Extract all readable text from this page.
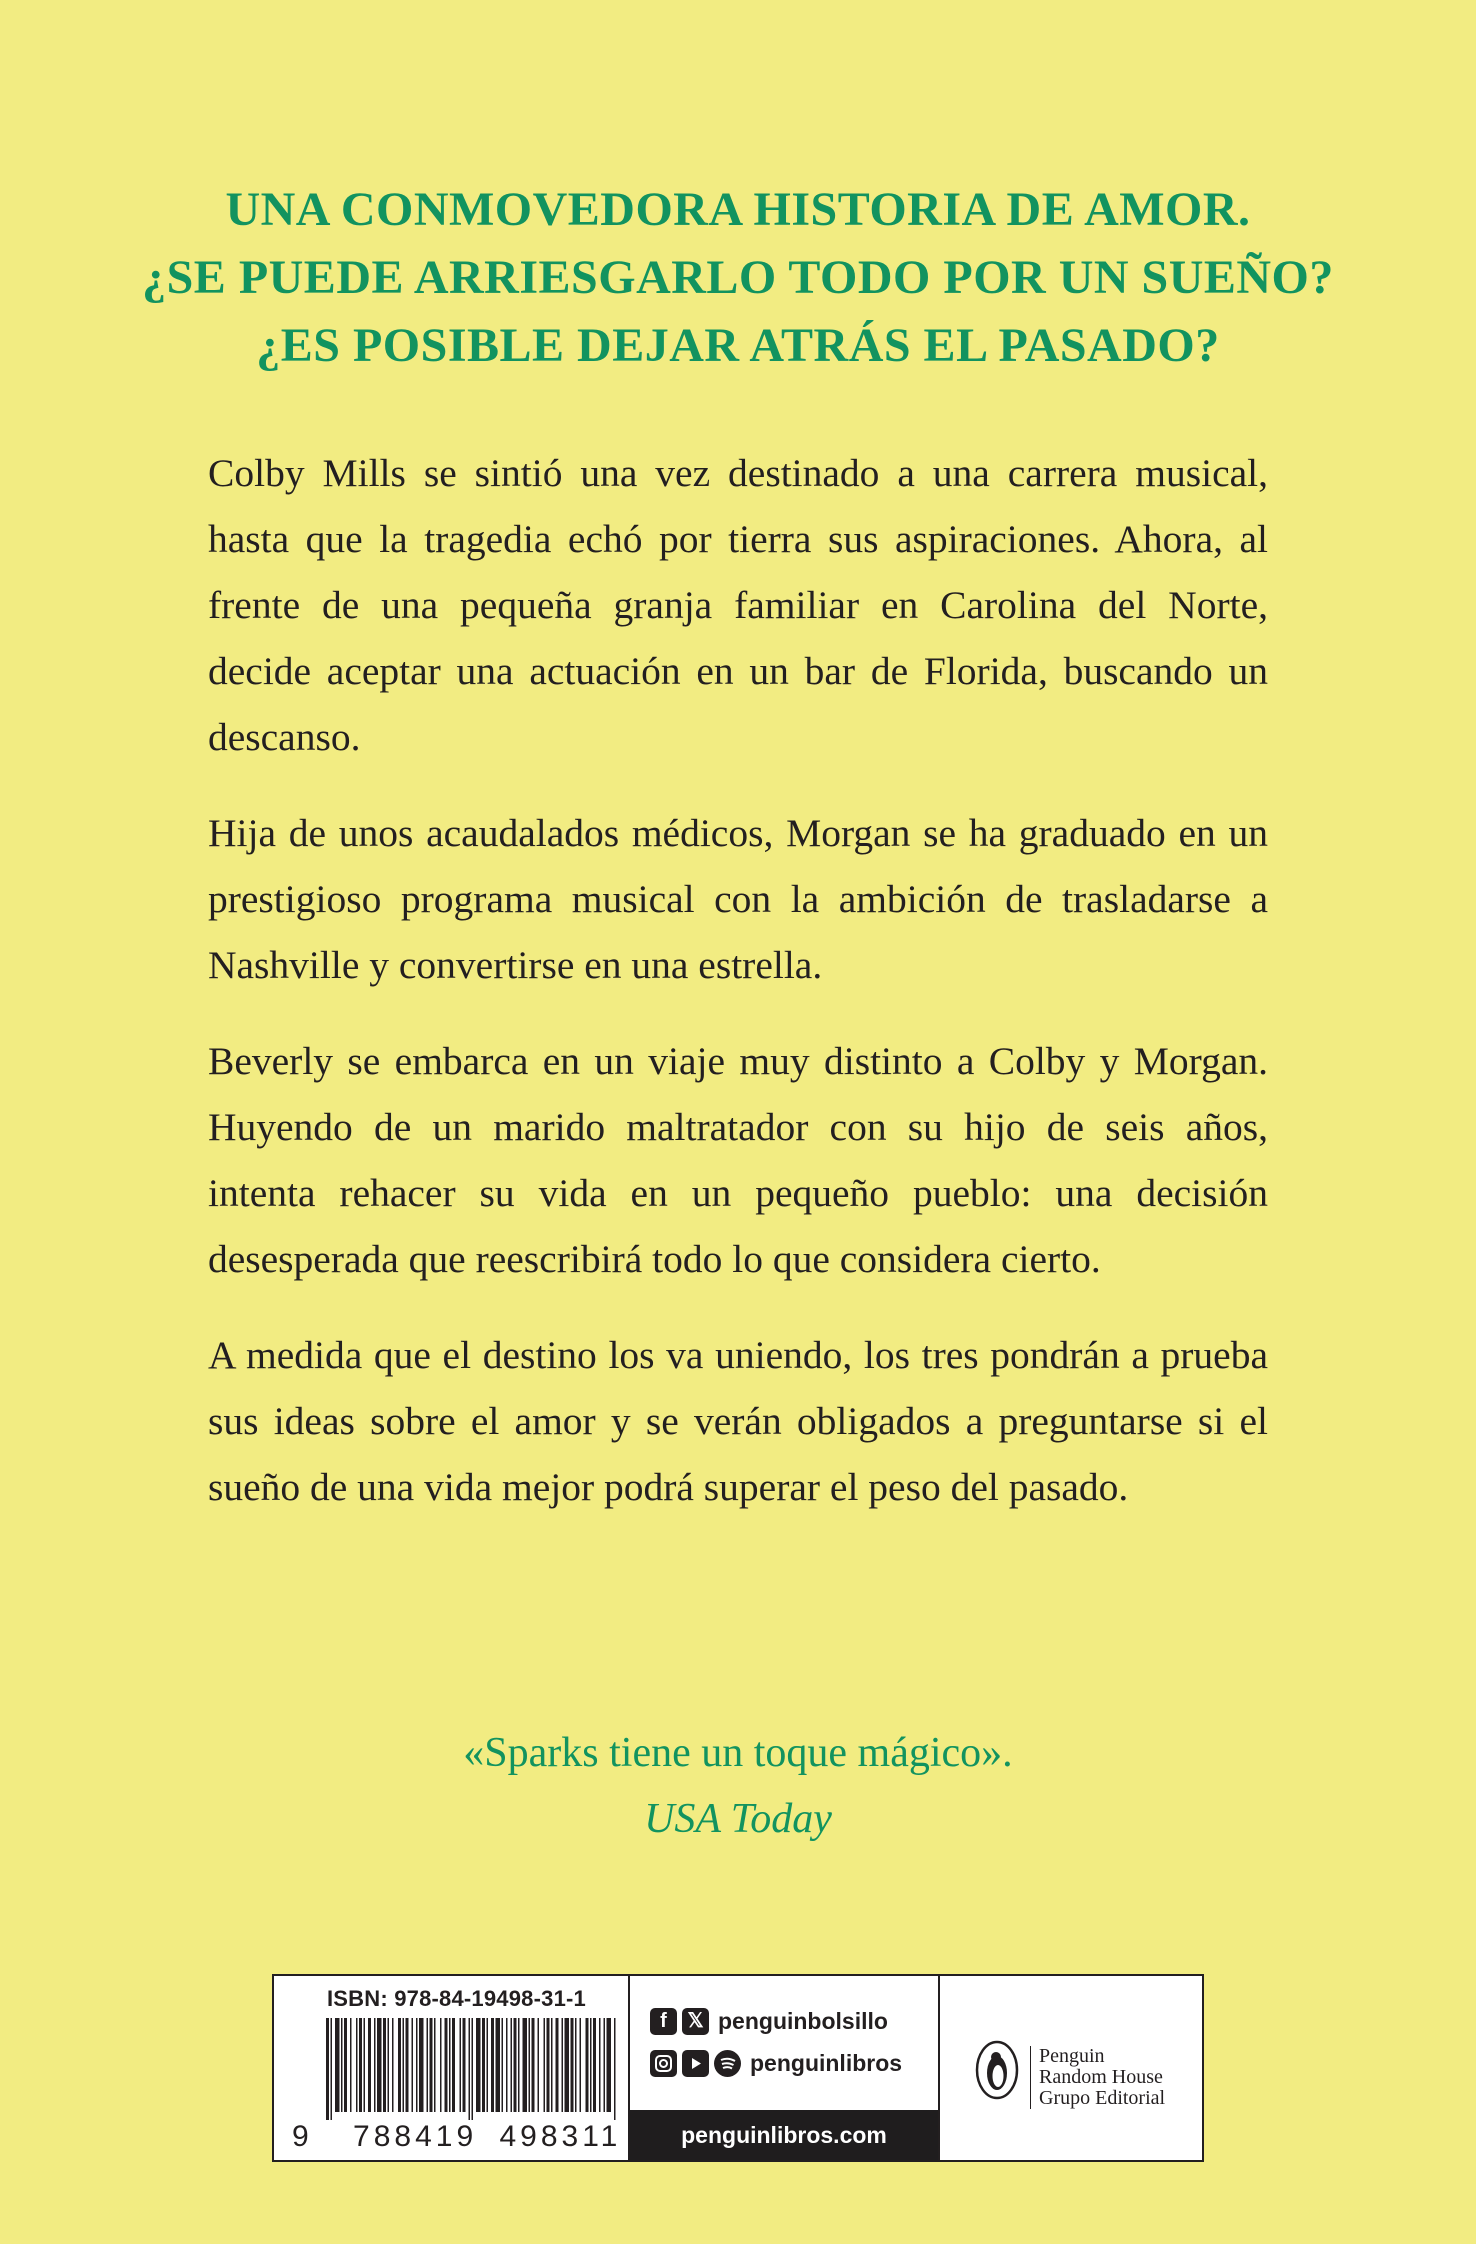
UNA CONMOVEDORA HISTORIA DE AMOR.
¿SE PUEDE ARRIESGARLO TODO POR UN SUEÑO?
¿ES POSIBLE DEJAR ATRÁS EL PASADO?

Colby Mills se sintió una vez destinado a una carrera musical, hasta que la tragedia echó por tierra sus aspiraciones. Ahora, al frente de una pequeña granja familiar en Carolina del Norte, decide aceptar una actuación en un bar de Florida, buscando un descanso.

Hija de unos acaudalados médicos, Morgan se ha graduado en un prestigioso programa musical con la ambición de trasladarse a Nashville y convertirse en una estrella.

Beverly se embarca en un viaje muy distinto a Colby y Morgan. Huyendo de un marido maltratador con su hijo de seis años, intenta rehacer su vida en un pequeño pueblo: una decisión desesperada que reescribirá todo lo que considera cierto.

A medida que el destino los va uniendo, los tres pondrán a prueba sus ideas sobre el amor y se verán obligados a preguntarse si el sueño de una vida mejor podrá superar el peso del pasado.

«Sparks tiene un toque mágico».
USA Today
ISBN: 978-84-19498-31-1
9 788419 498311
f	𝕏 penguinbolsillo
penguinlibros
penguinlibros.com
Penguin
Random House
Grupo Editorial
